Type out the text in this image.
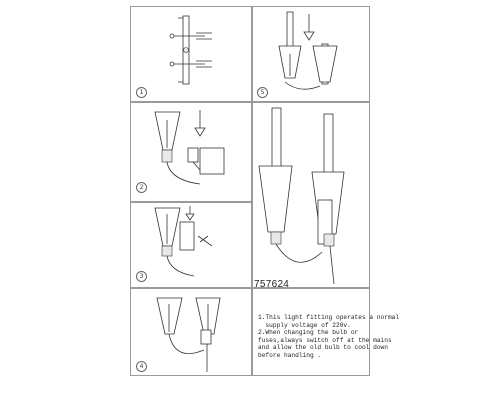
1
2
3
4
5
757624
1.This light fitting operates a normal
supply voltage of 220v.
2.When changing the bulb or
fuses,always switch off at the mains
and allow the old bulb to cool down
before handling .
